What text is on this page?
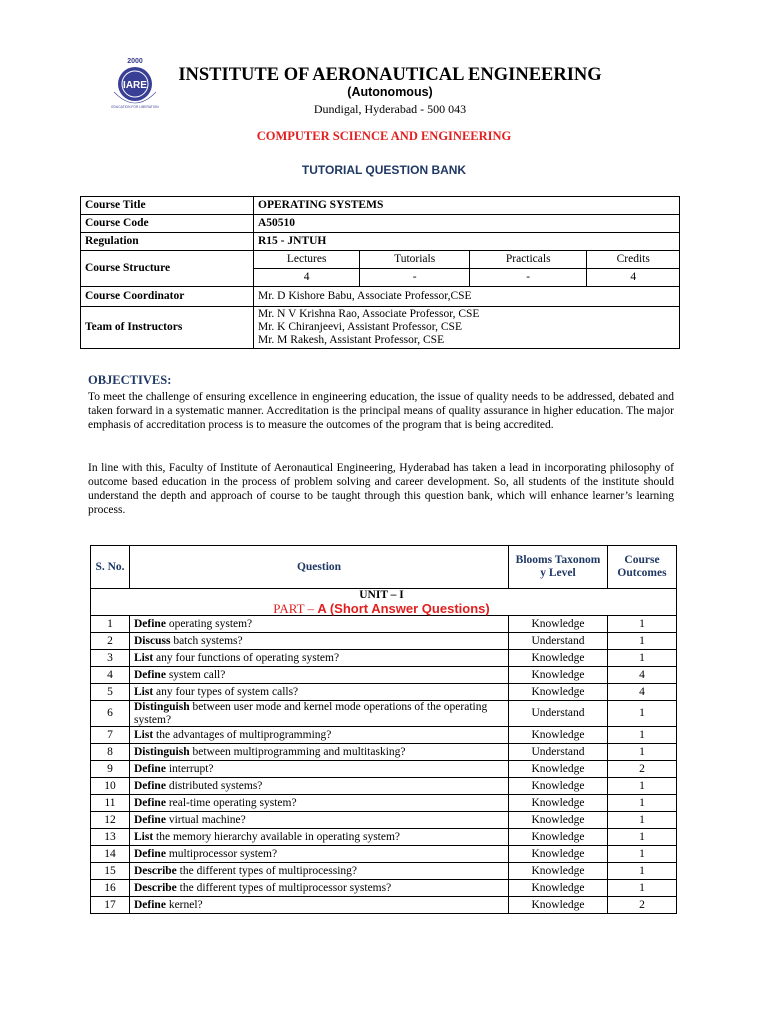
2000
IARE
EDUCATION FOR LIBERATION
INSTITUTE OF AERONAUTICAL ENGINEERING
(Autonomous)
Dundigal, Hyderabad - 500 043
COMPUTER SCIENCE AND ENGINEERING
TUTORIAL QUESTION BANK
Course Title	OPERATING SYSTEMS			
Course Code	A50510			
Regulation	R15 - JNTUH			
Course Structure	Lectures	Tutorials	Practicals	Credits
	4	-	-	4
Course Coordinator	Mr. D Kishore Babu, Associate Professor,CSE			
Team of Instructors	Mr. N V Krishna Rao, Associate Professor, CSE
Mr. K Chiranjeevi, Assistant Professor, CSE
Mr. M Rakesh, Assistant Professor, CSE			
OBJECTIVES:
To meet the challenge of ensuring excellence in engineering education, the issue of quality needs to be addressed, debated and taken forward in a systematic manner. Accreditation is the principal means of quality assurance in higher education. The major emphasis of accreditation process is to measure the outcomes of the program that is being accredited.
In line with this, Faculty of Institute of Aeronautical Engineering, Hyderabad has taken a lead in incorporating philosophy of outcome based education in the process of problem solving and career development. So, all students of the institute should understand the depth and approach of course to be taught through this question bank, which will enhance learner’s learning process.
S. No.	Question	Blooms Taxonom y Level	Course Outcomes

UNIT – I
PART – A (Short Answer Questions)			

1	Define operating system?	Knowledge	1
2	Discuss batch systems?	Understand	1
3	List any four functions of operating system?	Knowledge	1
4	Define system call?	Knowledge	4
5	List any four types of system calls?	Knowledge	4
6	Distinguish between user mode and kernel mode operations of the operating system?	Understand	1
7	List the advantages of multiprogramming?	Knowledge	1
8	Distinguish between multiprogramming and multitasking?	Understand	1
9	Define interrupt?	Knowledge	2
10	Define distributed systems?	Knowledge	1
11	Define real-time operating system?	Knowledge	1
12	Define virtual machine?	Knowledge	1
13	List the memory hierarchy available in operating system?	Knowledge	1
14	Define multiprocessor system?	Knowledge	1
15	Describe the different types of multiprocessing?	Knowledge	1
16	Describe the different types of multiprocessor systems?	Knowledge	1
17	Define kernel?	Knowledge	2
